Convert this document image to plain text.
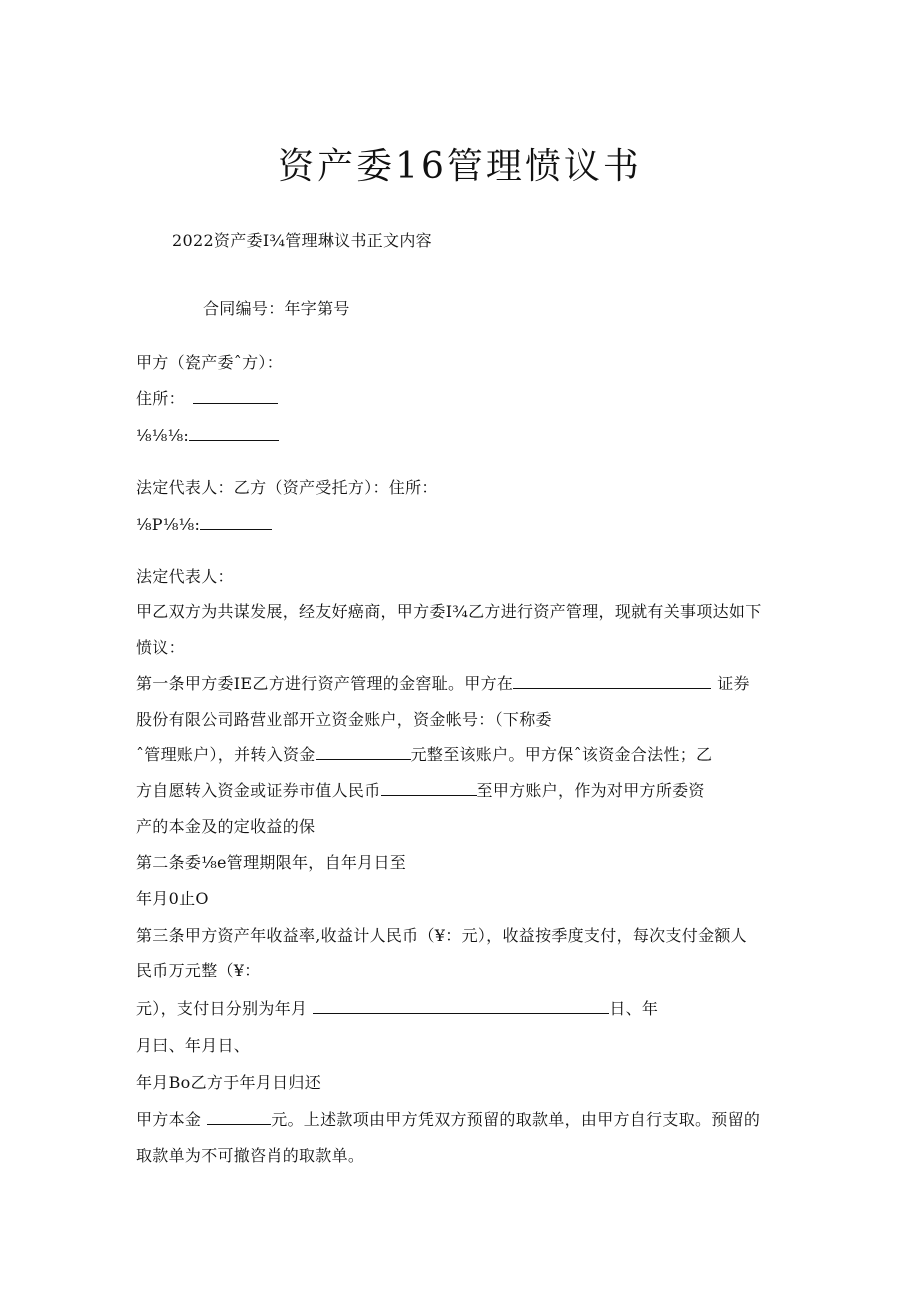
资产委16管理愤议书
2022资产委I¾管理琳议书正文内容
合同编号：年字第号
甲方（瓷产委ˆ方）：
住所：
⅛⅛⅛:
法定代表人：乙方（资产受托方）：住所：
⅛P⅛⅛:
法定代表人：
甲乙双方为共谋发展，经友好癌商，甲方委I¾乙方进行资产管理，现就有关事项达如下
愤议：
第一条甲方委IE乙方进行资产管理的金窖耻。甲方在	证券
股份有限公司路营业部开立资金账户，资金帐号：（下称委
ˆ管理账户），并转入资金	元整至该账户。甲方保ˆ该资金合法性；乙
方自愿转入资金或证券市值人民币	至甲方账户，作为对甲方所委资
产的本金及的定收益的保
第二条委⅛e管理期限年，自年月日至
年月0止O
第三条甲方资产年收益率,收益计人民币（¥：元），收益按季度支付，每次支付金额人
民币万元整（¥：
元），支付日分别为年月	日、年
月曰、年月日、
年月Bo乙方于年月日归还
甲方本金	元。上述款项由甲方凭双方预留的取款单，由甲方自行支取。预留的
取款单为不可撤咨肖的取款单。
